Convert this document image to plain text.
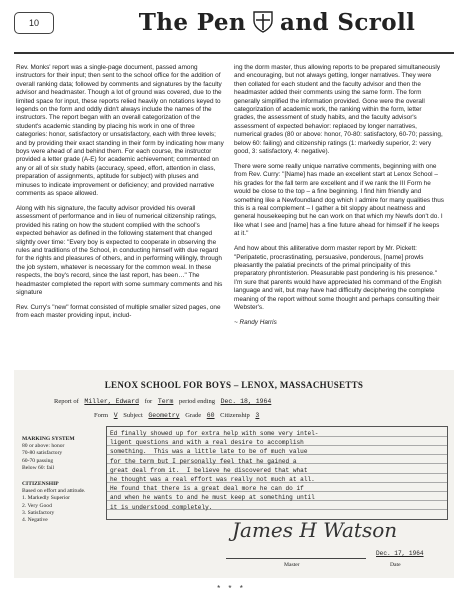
10	The Pen and Scroll

Rev. Monks' report was a single-page document, passed among instructors for their input; then sent to the school office for the addition of overall ranking data; followed by comments and signatures by the faculty advisor and headmaster. Though a lot of ground was covered, due to the limited space for input, these reports relied heavily on notations keyed to legends on the form and oddly didn't always include the names of the instructors. The report began with an overall categorization of the student's academic standing by placing his work in one of three categories: honor, satisfactory or unsatisfactory, each with three levels; and by providing their exact standing in their form by indicating how many boys were ahead of and behind them. For each course, the instructor provided a letter grade (A-E) for academic achievement; commented on any or all of six study habits (accuracy, speed, effort, attention in class, preparation of assignments, aptitude for subject) with pluses and minuses to indicate improvement or deficiency; and provided narrative comments as space allowed.

Along with his signature, the faculty advisor provided his overall assessment of performance and in lieu of numerical citizenship ratings, provided his rating on how the student complied with the school's expected behavior as defined in the following statement that changed slightly over time: "Every boy is expected to cooperate in observing the rules and traditions of the School, in conducting himself with due regard for the rights and pleasures of others, and in performing willingly, through the job system, whatever is necessary for the common weal. In these respects, the boy's record, since the last report, has been…" The headmaster completed the report with some summary comments and his signature

Rev. Curry's "new" format consisted of multiple smaller sized pages, one from each master providing input, includ-

ing the dorm master, thus allowing reports to be prepared simultaneously and encouraging, but not always getting, longer narratives. They were then collated for each student and the faculty advisor and then the headmaster added their comments using the same form. The form generally simplified the information provided. Gone were the overall categorization of academic work, the ranking within the form, letter grades, the assessment of study habits, and the faculty advisor's assessment of expected behavior: replaced by longer narratives, numerical grades (80 or above: honor, 70-80: satisfactory, 60-70; passing, below 60: failing) and citizenship ratings (1: markedly superior, 2: very good, 3: satisfactory, 4: negative).

There were some really unique narrative comments, beginning with one from Rev. Curry: "[Name] has made an excellent start at Lenox School – his grades for the fall term are excellent and if we rank the III Form he would be close to the top – a fine beginning. I find him friendly and something like a Newfoundland dog which I admire for many qualities thus this is a real complement – I gather a bit sloppy about neatness and general housekeeping but he can work on that which my Newfs don't do. I like what I see and [name] has a fine future ahead for himself if he keeps at it."

And how about this alliterative dorm master report by Mr. Pickett: "Peripatetic, procrastinating, persuasive, ponderous, [name] prowls pleasantly the palatial precincts of the primal principality of this preparatory phrontisterion. Pleasurable past pondering is his presence." I'm sure that parents would have appreciated his command of the English language and wit, but may have had difficulty deciphering the complete meaning of the report without some thought and perhaps consulting their Webster's.

~ Randy Harris

LENOX SCHOOL FOR BOYS – LENOX, MASSACHUSETTS
Report of Miller, Edward for Term period ending Dec. 18, 1964
Form V Subject Geometry Grade 60 Citizenship 3
MARKING SYSTEM
80 or above: honor
70-80 satisfactory
60-70 passing
Below 60: fail
CITIZENSHIP
Based on effort and attitude.
1. Markedly Superior
2. Very Good
3. Satisfactory
4. Negative
Ed finally showed up for extra help with some very intel-
ligent questions and with a real desire to accomplish
something.  This was a little late to be of much value
for the term but I personally feel that he gained a
great deal from it.  I believe he discovered that what
he thought was a real effort was really not much at all.
He found that there is a great deal more he can do if
and when he wants to and he must keep at something until
it is understood completely.
James H Watson
Master
Dec. 17, 1964
Date
* * *
